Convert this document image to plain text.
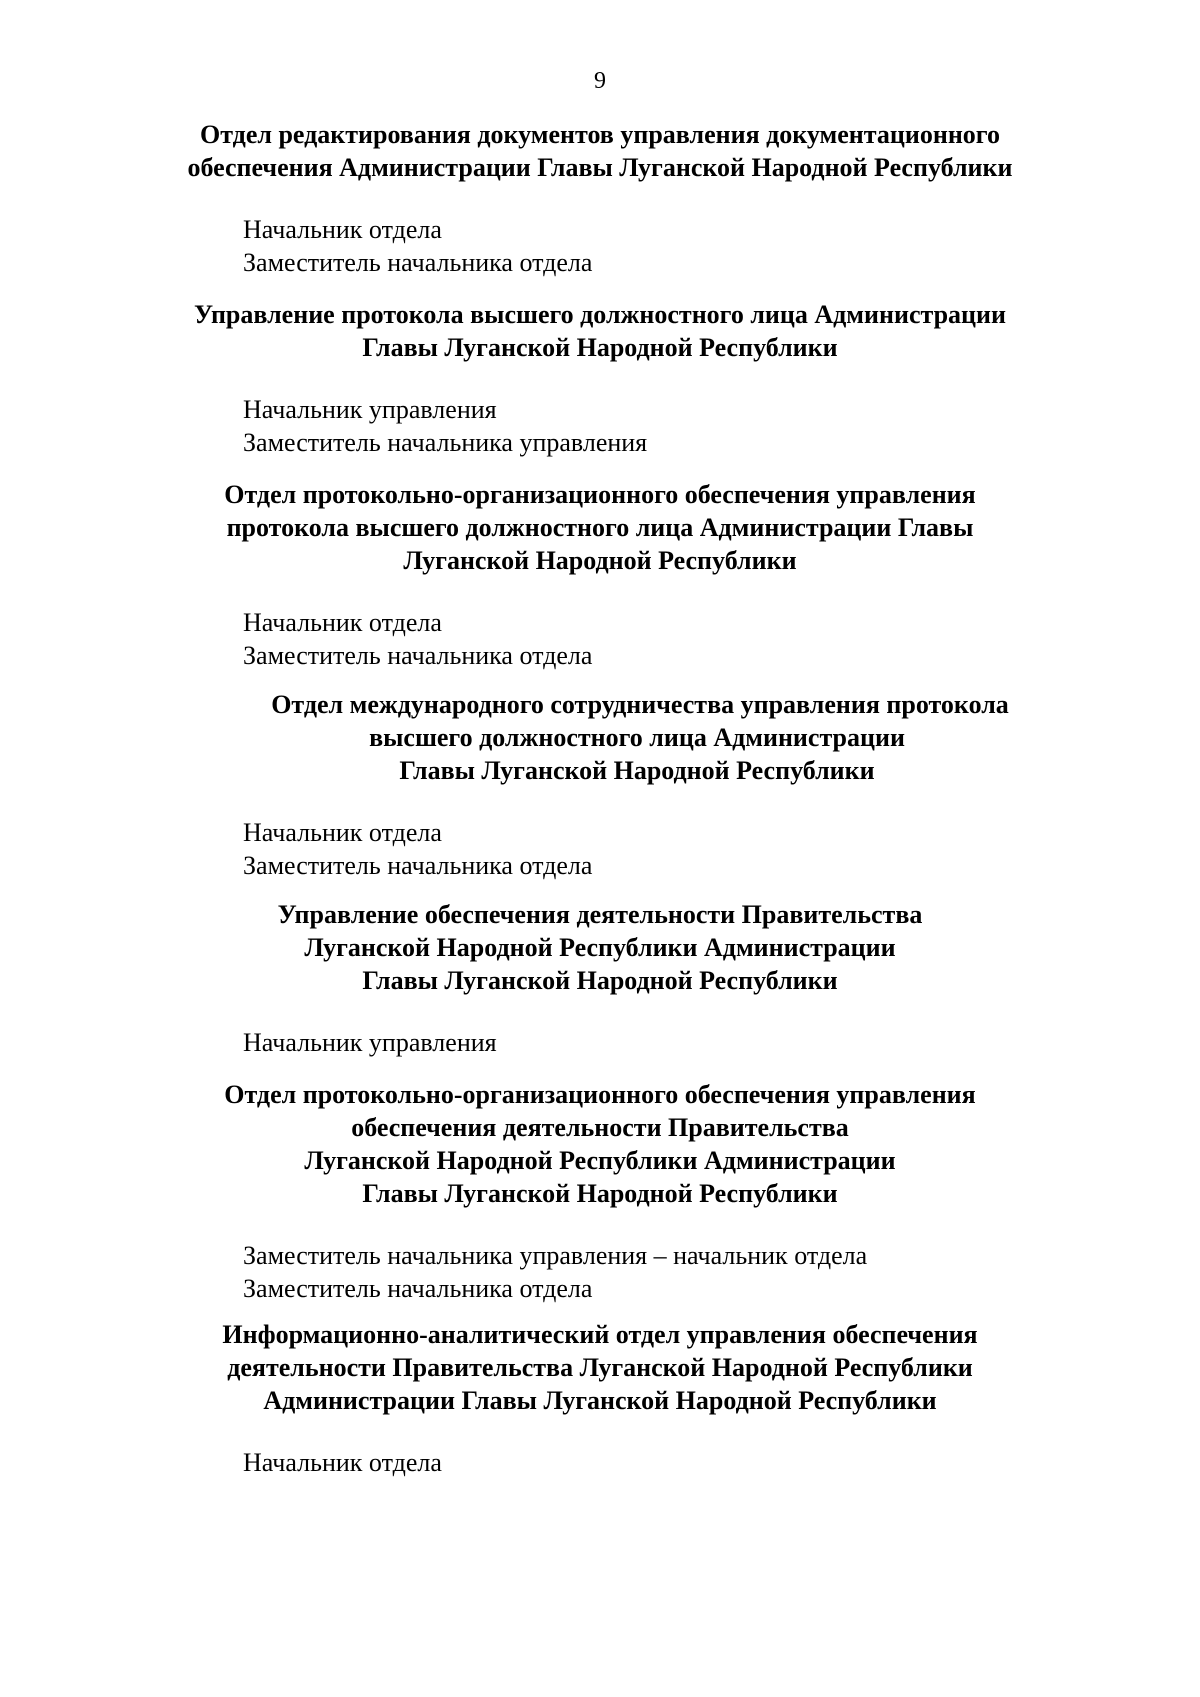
9
Отдел редактирования документов управления документационного
обеспечения Администрации Главы Луганской Народной Республики
Начальник отдела
Заместитель начальника отдела
Управление протокола высшего должностного лица Администрации
Главы Луганской Народной Республики
Начальник управления
Заместитель начальника управления
Отдел протокольно-организационного обеспечения управления
протокола высшего должностного лица Администрации Главы
Луганской Народной Республики
Начальник отдела
Заместитель начальника отдела
Отдел международного сотрудничества управления протокола
высшего должностного лица Администрации
Главы Луганской Народной Республики
Начальник отдела
Заместитель начальника отдела
Управление обеспечения деятельности Правительства
Луганской Народной Республики Администрации
Главы Луганской Народной Республики
Начальник управления
Отдел протокольно-организационного обеспечения управления
обеспечения деятельности Правительства
Луганской Народной Республики Администрации
Главы Луганской Народной Республики
Заместитель начальника управления – начальник отдела
Заместитель начальника отдела
Информационно-аналитический отдел управления обеспечения
деятельности Правительства Луганской Народной Республики
Администрации Главы Луганской Народной Республики
Начальник отдела
